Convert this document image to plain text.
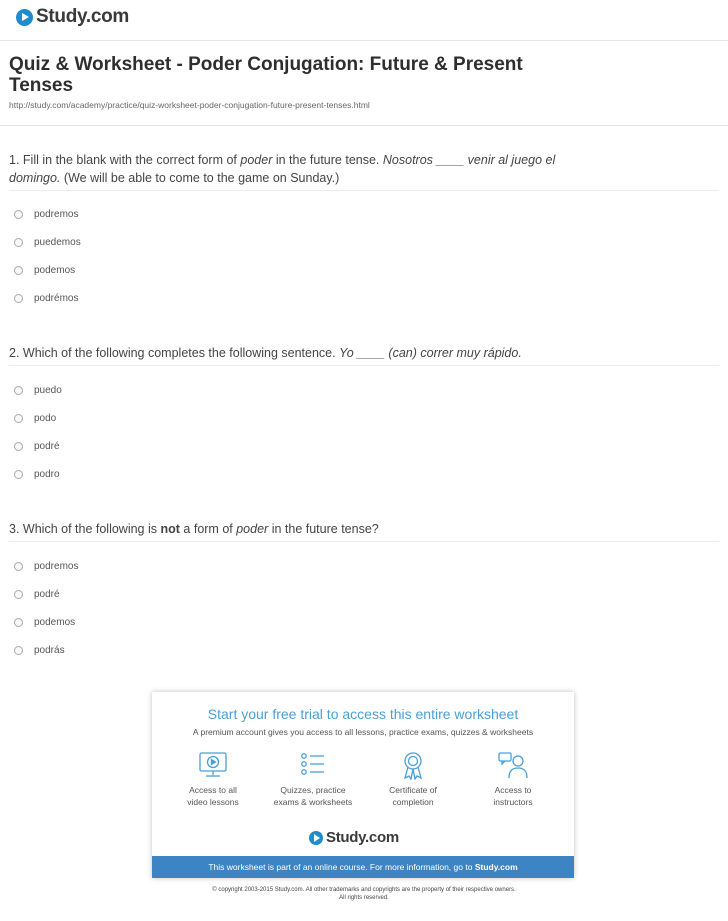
Study.com
Quiz & Worksheet - Poder Conjugation: Future & Present Tenses
http://study.com/academy/practice/quiz-worksheet-poder-conjugation-future-present-tenses.html
1. Fill in the blank with the correct form of poder in the future tense. Nosotros ____ venir al juego el domingo. (We will be able to come to the game on Sunday.)
podremos
puedemos
podemos
podrémos
2. Which of the following completes the following sentence. Yo ____ (can) correr muy rápido.
puedo
podo
podré
podro
3. Which of the following is not a form of poder in the future tense?
podremos
podré
podemos
podrás
Start your free trial to access this entire worksheet
A premium account gives you access to all lessons, practice exams, quizzes & worksheets
Access to all
video lessons
Quizzes, practice
exams & worksheets
Certificate of
completion
Access to
instructors
Study.com
This worksheet is part of an online course. For more information, go to
Study.com
© copyright 2003-2015 Study.com. All other trademarks and copyrights are the property of their respective owners.
All rights reserved.
